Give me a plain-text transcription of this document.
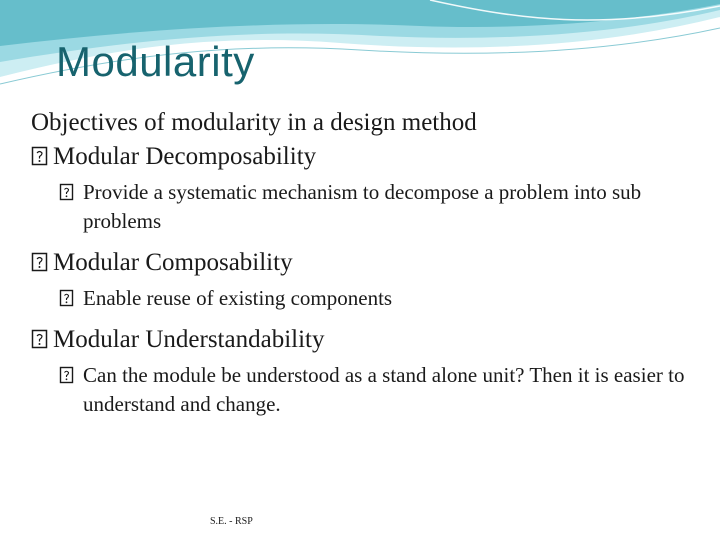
Modularity

Objectives of modularity in a design method

Modular Decomposability

Provide a systematic mechanism to decompose a problem into sub problems

Modular Composability

Enable reuse of existing components

Modular Understandability

Can the module be understood as a stand alone unit? Then it is easier to understand and change.

S.E. - RSP
